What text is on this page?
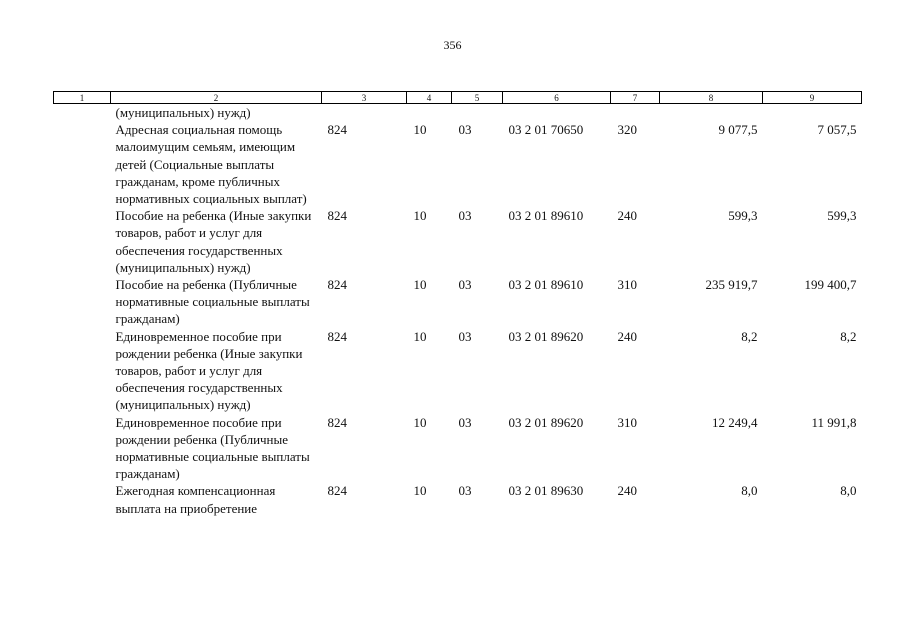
356
1	2	3	4	5	6	7	8	9
	(муниципальных) нужд)							
	Адресная социальная помощь малоимущим семьям, имеющим детей (Социальные выплаты гражданам, кроме публичных нормативных социальных выплат)	824	10	03	03 2 01 70650	320	9 077,5	7 057,5
	Пособие на ребенка (Иные закупки товаров, работ и услуг для обеспечения государственных (муниципальных) нужд)	824	10	03	03 2 01 89610	240	599,3	599,3
	Пособие на ребенка (Публичные нормативные социальные выплаты гражданам)	824	10	03	03 2 01 89610	310	235 919,7	199 400,7
	Единовременное пособие при рождении ребенка (Иные закупки товаров, работ и услуг для обеспечения государственных (муниципальных) нужд)	824	10	03	03 2 01 89620	240	8,2	8,2
	Единовременное пособие при рождении ребенка (Публичные нормативные социальные выплаты гражданам)	824	10	03	03 2 01 89620	310	12 249,4	11 991,8
	Ежегодная компенсационная выплата на приобретение	824	10	03	03 2 01 89630	240	8,0	8,0
